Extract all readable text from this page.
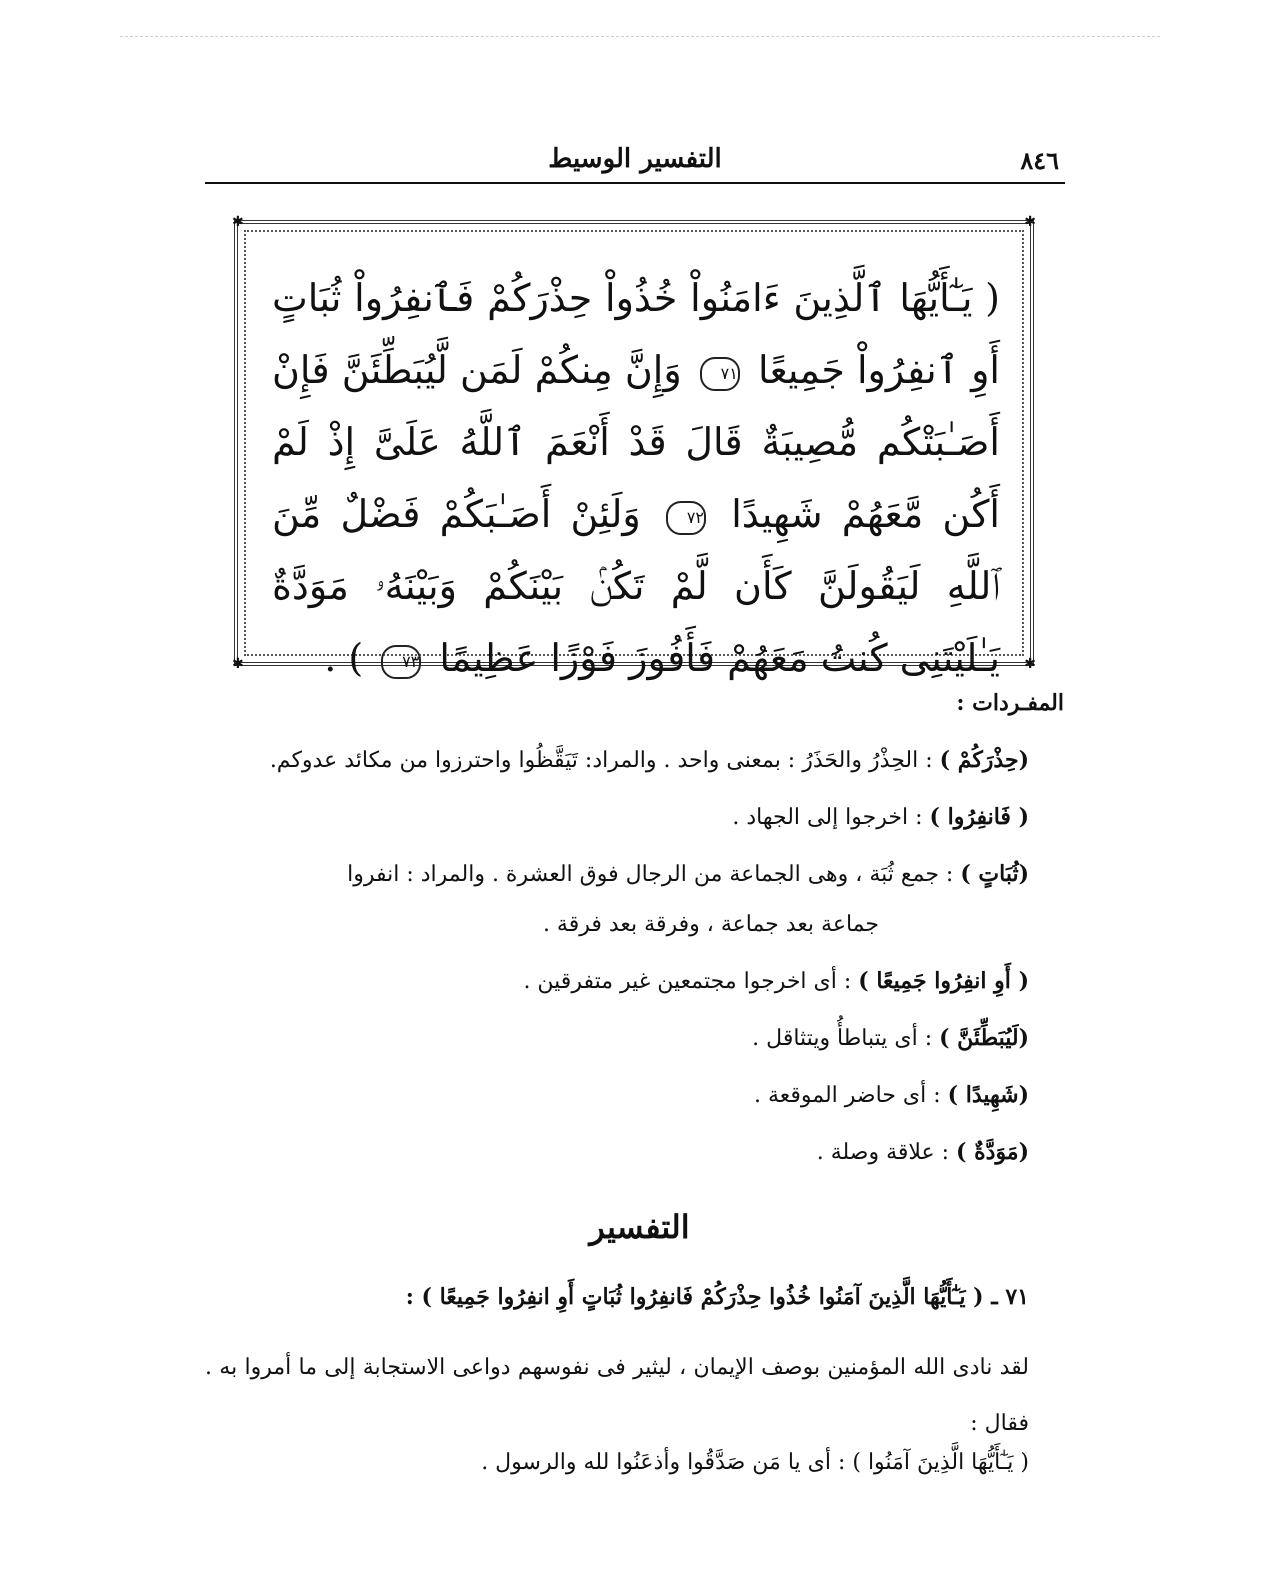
٨٤٦
التفسير الوسيط
✱	✱
✱	✱
( يَـٰٓأَيُّهَا ٱلَّذِينَ ءَامَنُواْ خُذُواْ حِذْرَكُمْ فَٱنفِرُواْ ثُبَاتٍ أَوِ ٱنفِرُواْ جَمِيعًا ٧١ وَإِنَّ مِنكُمْ لَمَن لَّيُبَطِّئَنَّ فَإِنْ أَصَـٰبَتْكُم مُّصِيبَةٌ قَالَ قَدْ أَنْعَمَ ٱللَّهُ عَلَىَّ إِذْ لَمْ أَكُن مَّعَهُمْ شَهِيدًا ٧٢ وَلَئِنْ أَصَـٰبَكُمْ فَضْلٌ مِّنَ ٱللَّهِ لَيَقُولَنَّ كَأَن لَّمْ تَكُنۢ بَيْنَكُمْ وَبَيْنَهُۥ مَوَدَّةٌ يَـٰلَيْتَنِى كُنتُ مَعَهُمْ فَأَفُوزَ فَوْزًا عَظِيمًا ٧٣ ) .
المفـردات :
(حِذْرَكُمْ ) : الحِذْرُ والحَذَرُ : بمعنى واحد . والمراد: تَيَقَّظُوا واحترزوا من مكائد عدوكم.
( فَانفِرُوا ) : اخرجوا إلى الجهاد .
(ثُبَاتٍ ) : جمع ثُبَة ، وهى الجماعة من الرجال فوق العشرة . والمراد : انفروا
جماعة بعد جماعة ، وفرقة بعد فرقة .
( أَوِ انفِرُوا جَمِيعًا ) : أى اخرجوا مجتمعين غير متفرقين .
(لَيُبَطِّئَنَّ ) : أى يتباطأُ ويتثاقل .
(شَهِيدًا ) : أى حاضر الموقعة .
(مَوَدَّةٌ ) : علاقة وصلة .
التفسير
٧١ ـ ( يَـٰٓأَيُّهَا الَّذِينَ آمَنُوا خُذُوا حِذْرَكُمْ فَانفِرُوا ثُبَاتٍ أَوِ انفِرُوا جَمِيعًا ) :
لقد نادى الله المؤمنين بوصف الإيمان ، ليثير فى نفوسهم دواعى الاستجابة إلى ما أمروا به . فقال :
( يَـٰٓأَيُّهَا الَّذِينَ آمَنُوا ) : أى يا مَن صَدَّقُوا وأذعَنُوا لله والرسول .
